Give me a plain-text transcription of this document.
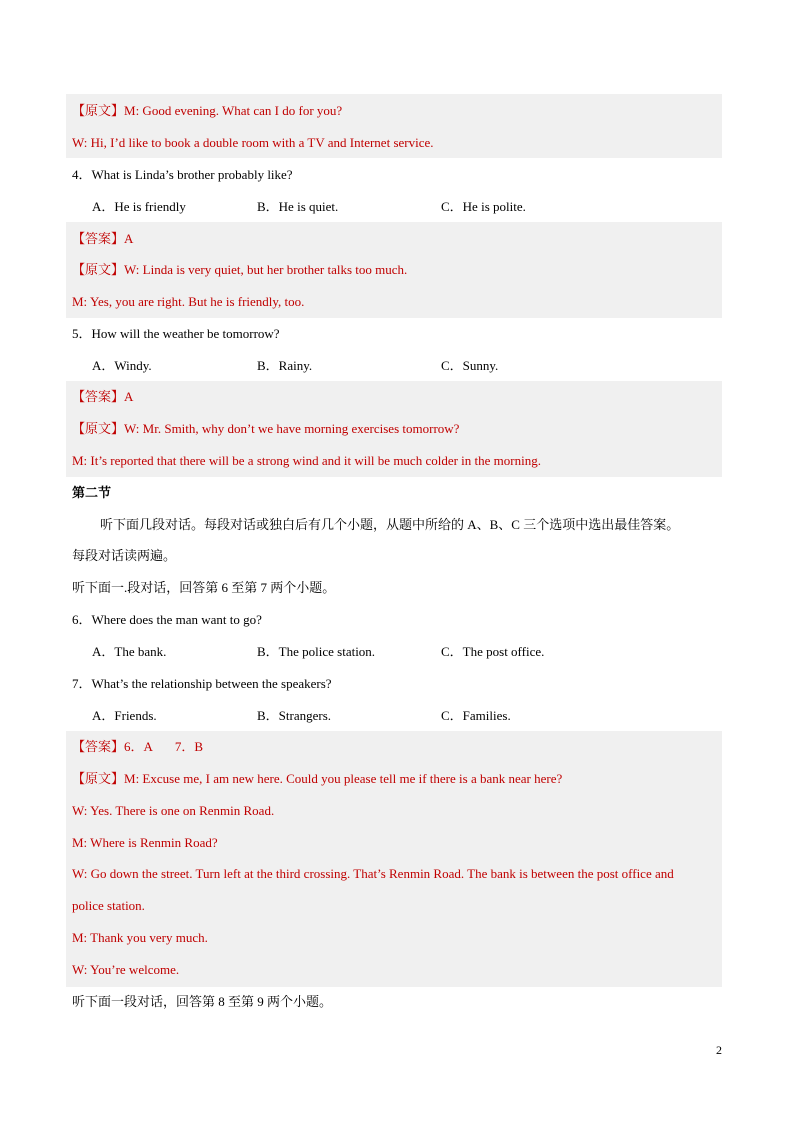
【原文】M: Good evening. What can I do for you?
W: Hi, I’d like to book a double room with a TV and Internet service.
4．What is Linda’s brother probably like?
A．He is friendly	B．He is quiet.	C．He is polite.
【答案】A
【原文】W: Linda is very quiet, but her brother talks too much.
M: Yes, you are right. But he is friendly, too.
5．How will the weather be tomorrow?
A．Windy.	B．Rainy.	C．Sunny.
【答案】A
【原文】W: Mr. Smith, why don’t we have morning exercises tomorrow?
M: It’s reported that there will be a strong wind and it will be much colder in the morning.
第二节
听下面几段对话。每段对话或独白后有几个小题，从题中所给的 A、B、C 三个选项中选出最佳答案。
每段对话读两遍。
听下面一.段对话，回答第 6 至第 7 两个小题。
6．Where does the man want to go?
A．The bank.	B．The police station.	C．The post office.
7．What’s the relationship between the speakers?
A．Friends.	B．Strangers.	C．Families.
【答案】6．A       7．B
【原文】M: Excuse me, I am new here. Could you please tell me if there is a bank near here?
W: Yes. There is one on Renmin Road.
M: Where is Renmin Road?
W: Go down the street. Turn left at the third crossing. That’s Renmin Road. The bank is between the post office and
police station.
M: Thank you very much.
W: You’re welcome.
听下面一段对话，回答第 8 至第 9 两个小题。
2
